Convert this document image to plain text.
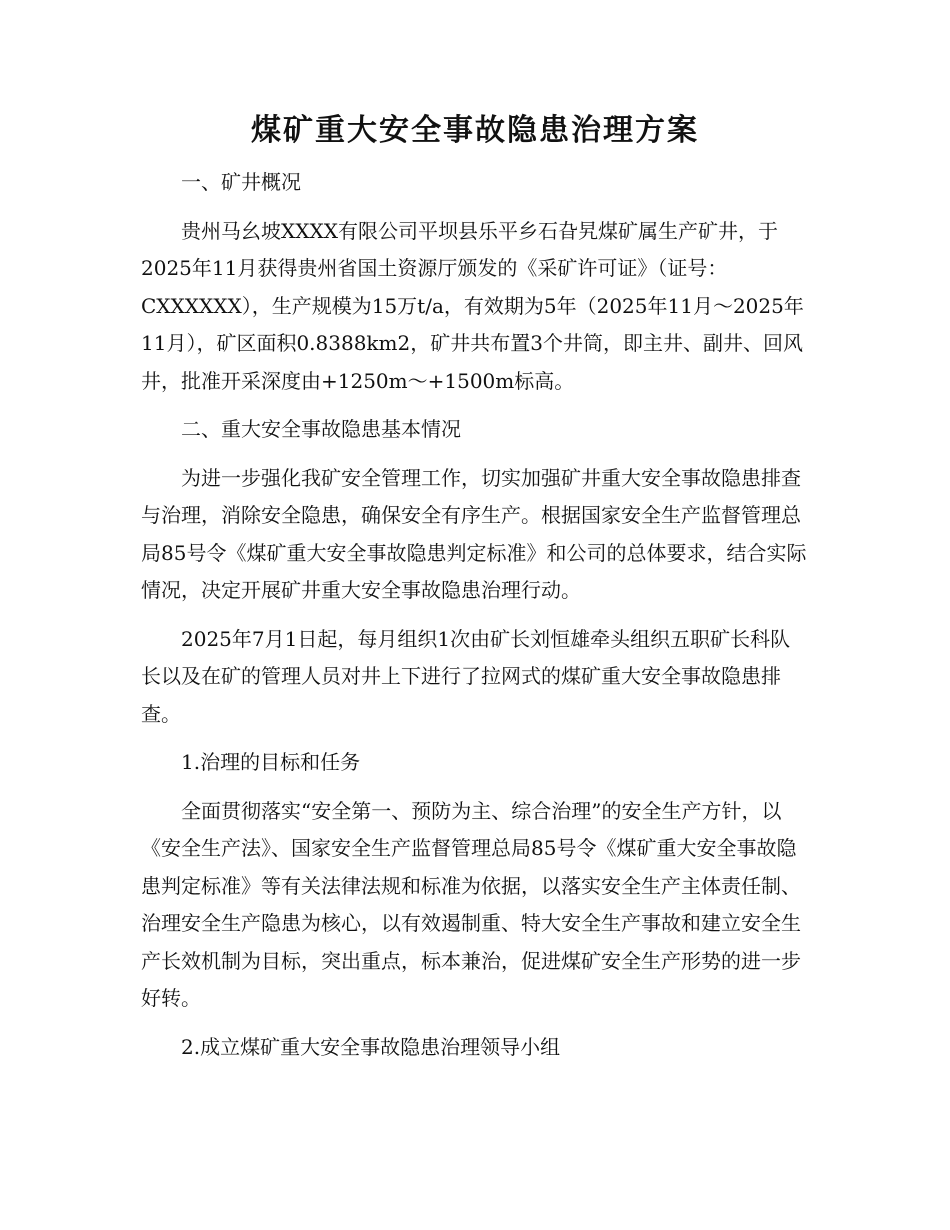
煤矿重大安全事故隐患治理方案

一、矿井概况

贵州马幺坡XXXX有限公司平坝县乐平乡石旮旯煤矿属生产矿井，于2025年11月获得贵州省国土资源厅颁发的《采矿许可证》（证号：CXXXXXX），生产规模为15万t/a，有效期为5年（2025年11月～2025年11月），矿区面积0.8388km2，矿井共布置3个井筒，即主井、副井、回风井，批准开采深度由+1250m～+1500m标高。

二、重大安全事故隐患基本情况

为进一步强化我矿安全管理工作，切实加强矿井重大安全事故隐患排查与治理，消除安全隐患，确保安全有序生产。根据国家安全生产监督管理总局85号令《煤矿重大安全事故隐患判定标准》和公司的总体要求，结合实际情况，决定开展矿井重大安全事故隐患治理行动。

2025年7月1日起，每月组织1次由矿长刘恒雄牵头组织五职矿长科队长以及在矿的管理人员对井上下进行了拉网式的煤矿重大安全事故隐患排查。

1.治理的目标和任务

全面贯彻落实“安全第一、预防为主、综合治理”的安全生产方针，以《安全生产法》、国家安全生产监督管理总局85号令《煤矿重大安全事故隐患判定标准》等有关法律法规和标准为依据，以落实安全生产主体责任制、治理安全生产隐患为核心，以有效遏制重、特大安全生产事故和建立安全生产长效机制为目标，突出重点，标本兼治，促进煤矿安全生产形势的进一步好转。

2.成立煤矿重大安全事故隐患治理领导小组
